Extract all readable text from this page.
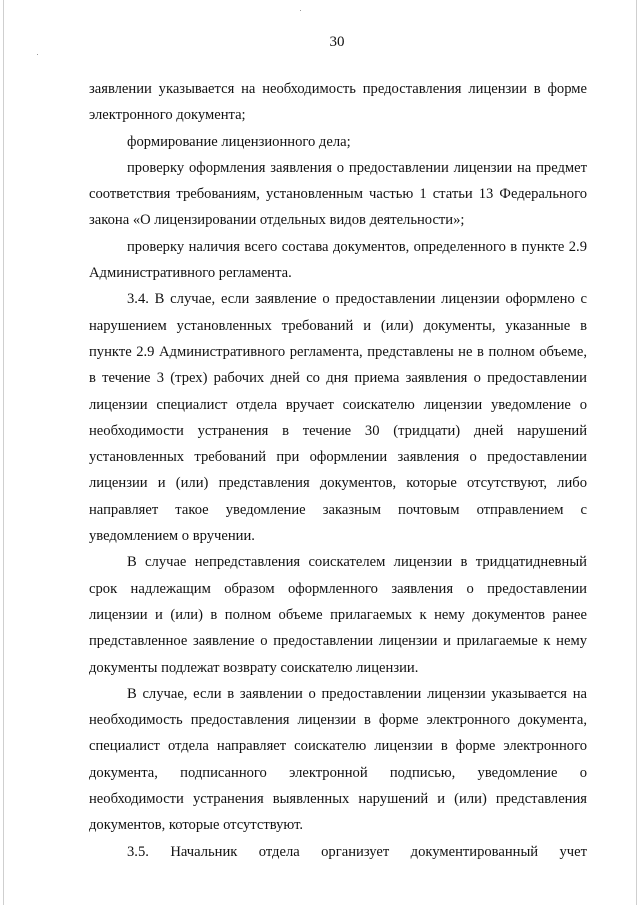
30

заявлении указывается на необходимость предоставления лицензии в форме электронного документа;

формирование лицензионного дела;

проверку оформления заявления о предоставлении лицензии на предмет соответствия требованиям, установленным частью 1 статьи 13 Федерального закона «О лицензировании отдельных видов деятельности»;

проверку наличия всего состава документов, определенного в пункте 2.9 Административного регламента.

3.4. В случае, если заявление о предоставлении лицензии оформлено с нарушением установленных требований и (или) документы, указанные в пункте 2.9 Административного регламента, представлены не в полном объеме, в течение 3 (трех) рабочих дней со дня приема заявления о предоставлении лицензии специалист отдела вручает соискателю лицензии уведомление о необходимости устранения в течение 30 (тридцати) дней нарушений установленных требований при оформлении заявления о предоставлении лицензии и (или) представления документов, которые отсутствуют, либо направляет такое уведомление заказным почтовым отправлением с уведомлением о вручении.

В случае непредставления соискателем лицензии в тридцатидневный срок надлежащим образом оформленного заявления о предоставлении лицензии и (или) в полном объеме прилагаемых к нему документов ранее представленное заявление о предоставлении лицензии и прилагаемые к нему документы подлежат возврату соискателю лицензии.

В случае, если в заявлении о предоставлении лицензии указывается на необходимость предоставления лицензии в форме электронного документа, специалист отдела направляет соискателю лицензии в форме электронного документа, подписанного электронной подписью, уведомление о необходимости устранения выявленных нарушений и (или) представления документов, которые отсутствуют.

3.5. Начальник отдела организует документированный учет
